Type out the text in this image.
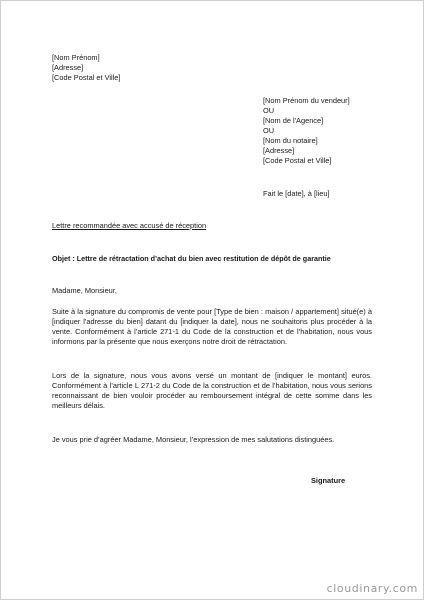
[Nom Prénom]
[Adresse]
[Code Postal et Ville]
[Nom Prénom du vendeur]
OU
[Nom de l'Agence]
OU
[Nom du notaire]
[Adresse]
[Code Postal et Ville]
Fait le [date], à [lieu]
Lettre recommandée avec accusé de réception
Objet : Lettre de rétractation d’achat du bien avec restitution de dépôt de garantie
Madame, Monsieur,
Suite à la signature du compromis de vente pour [Type de bien : maison / appartement] situé(e) à [indiquer l'adresse du bien] datant du [indiquer la date], nous ne souhaitons plus procéder à la vente. Conformément à l’article 271-1 du Code de la construction et de l’habitation, nous vous informons par la présente que nous exerçons notre droit de rétractation.
Lors de la signature, nous vous avons versé un montant de [indiquer le montant] euros. Conformément à l’article L 271-2 du Code de la construction et de l’habitation, nous vous serions reconnaissant de bien vouloir procéder au remboursement intégral de cette somme dans les meilleurs délais.
Je vous prie d’agréer Madame, Monsieur, l’expression de mes salutations distinguées.
Signature
cloudinary.com
